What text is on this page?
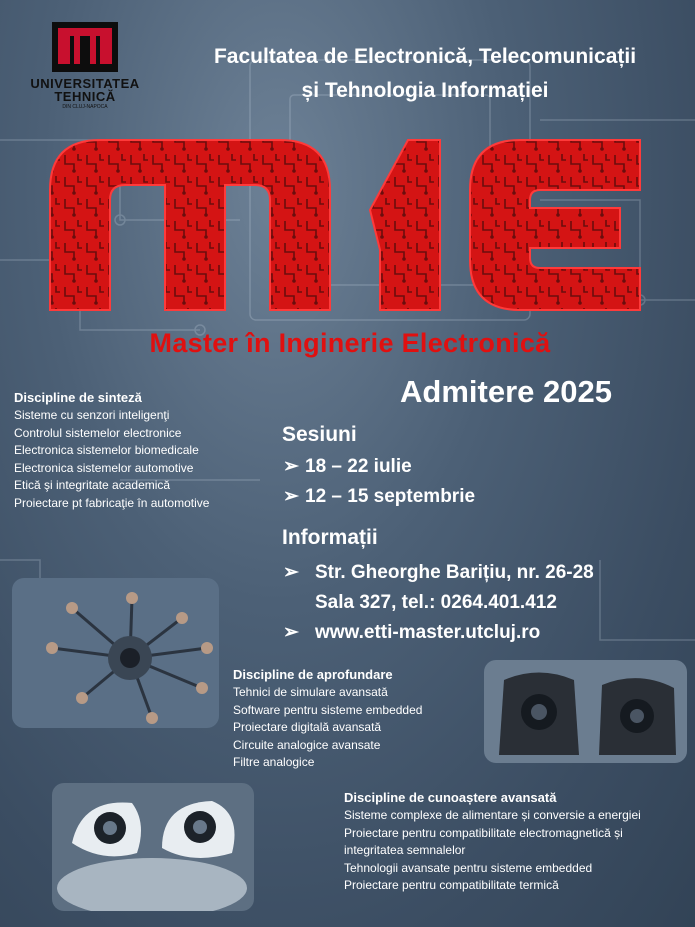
UNIVERSITATEA
TEHNICĂ
DIN CLUJ-NAPOCA
Facultatea de Electronică, Telecomunicații
și Tehnologia Informației
Master în Inginerie Electronică
Admitere 2025
Discipline de sinteză
Sisteme cu senzori inteligenţi
Controlul sistemelor electronice
Electronica sistemelor biomedicale
Electronica sistemelor automotive
Etică şi integritate academică
Proiectare pt fabricaţie în automotive
Sesiuni
➢ 18 – 22 iulie
➢ 12 – 15 septembrie
Informații
➢ Str. Gheorghe Barițiu, nr. 26-28
Sala 327, tel.: 0264.401.412
➢ www.etti-master.utcluj.ro
Discipline de aprofundare
Tehnici de simulare avansată
Software pentru sisteme embedded
Proiectare digitală avansată
Circuite analogice avansate
Filtre analogice
Discipline de cunoaștere avansată
Sisteme complexe de alimentare și conversie a energiei
Proiectare pentru compatibilitate electromagnetică și
integritatea semnalelor
Tehnologii avansate pentru sisteme embedded
Proiectare pentru compatibilitate termică
